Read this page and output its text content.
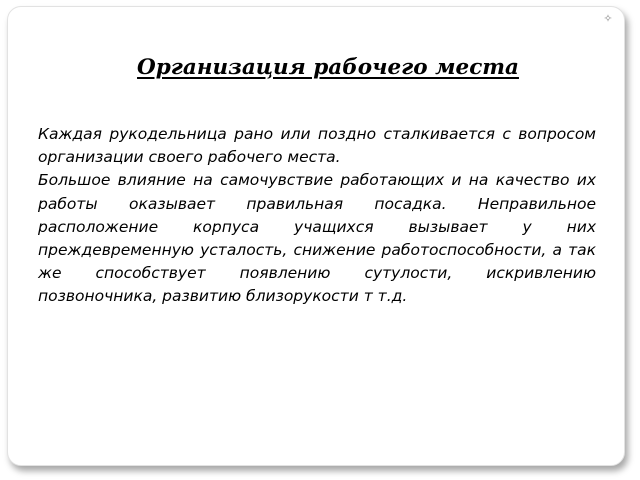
✧
Организация рабочего места

Каждая рукодельница рано или поздно сталкивается с вопросом организации своего рабочего места.

Большое влияние на самочувствие работающих и на качество их работы оказывает правильная посадка. Неправильное расположение корпуса учащихся вызывает у них преждевременную усталость, снижение работоспособности, а так же способствует появлению сутулости, искривлению позвоночника, развитию близорукости т т.д.
